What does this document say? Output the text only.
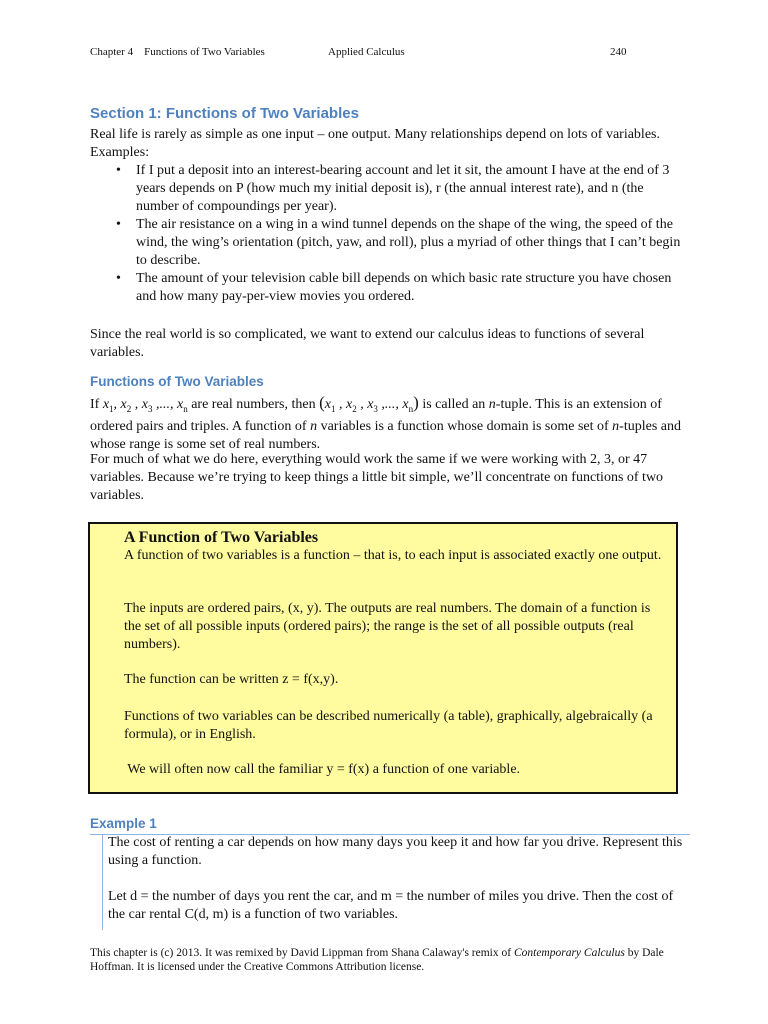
Chapter 4    Functions of Two Variables	Applied Calculus	240
Section 1: Functions of Two Variables

Real life is rarely as simple as one input – one output. Many relationships depend on lots of variables. Examples:

• If I put a deposit into an interest-bearing account and let it sit, the amount I have at the end of 3 years depends on P (how much my initial deposit is), r (the annual interest rate), and n (the number of compoundings per year).
• The air resistance on a wing in a wind tunnel depends on the shape of the wing, the speed of the wind, the wing’s orientation (pitch, yaw, and roll), plus a myriad of other things that I can’t begin to describe.
• The amount of your television cable bill depends on which basic rate structure you have chosen and how many pay-per-view movies you ordered.

Since the real world is so complicated, we want to extend our calculus ideas to functions of several variables.

Functions of Two Variables

If $x_1$, $x_2$ , $x_3$ ,..., $x_n$ are real numbers, then ($x_1$ , $x_2$ , $x_3$ ,..., $x_n$) is called an n-tuple. This is an extension of ordered pairs and triples. A function of n variables is a function whose domain is some set of n-tuples and whose range is some set of real numbers.

For much of what we do here, everything would work the same if we were working with 2, 3, or 47 variables. Because we’re trying to keep things a little bit simple, we’ll concentrate on functions of two variables.

A Function of Two Variables

A function of two variables is a function – that is, to each input is associated exactly one output.

The inputs are ordered pairs, (x, y). The outputs are real numbers. The domain of a function is the set of all possible inputs (ordered pairs); the range is the set of all possible outputs (real numbers).

The function can be written z = f(x,y).

Functions of two variables can be described numerically (a table), graphically, algebraically (a formula), or in English.

We will often now call the familiar y = f(x) a function of one variable.

Example 1

The cost of renting a car depends on how many days you keep it and how far you drive. Represent this using a function.

Let d = the number of days you rent the car, and m = the number of miles you drive. Then the cost of the car rental C(d, m) is a function of two variables.

This chapter is (c) 2013. It was remixed by David Lippman from Shana Calaway's remix of Contemporary Calculus by Dale Hoffman. It is licensed under the Creative Commons Attribution license.
